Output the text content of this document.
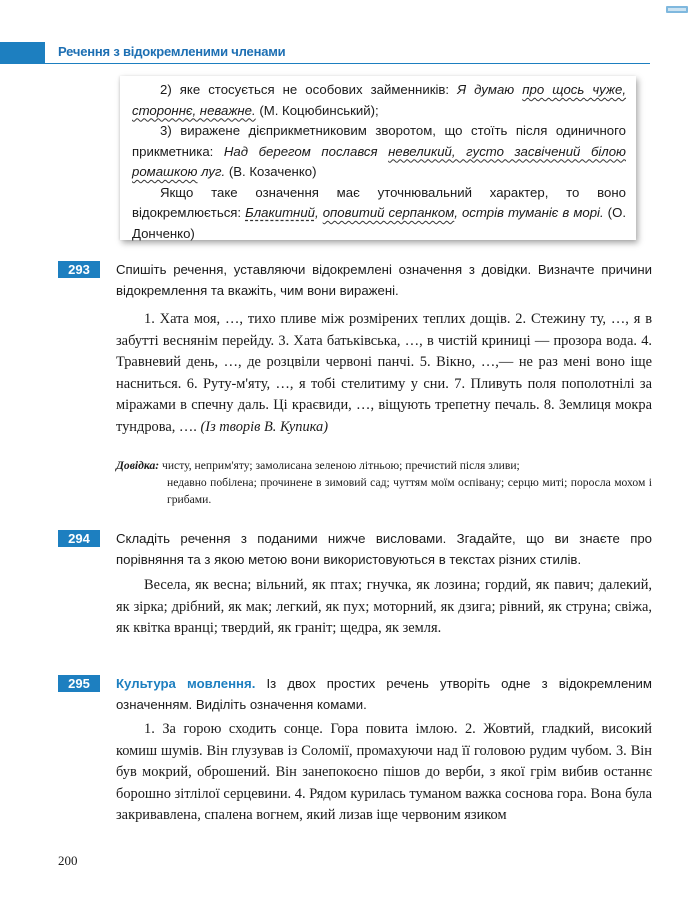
Речення з відокремленими членами

2) яке стосується не особових займенників: Я думаю про щось чуже, стороннє, неважне. (М. Коцюбинський);

3) виражене дієприкметниковим зворотом, що стоїть після одиничного прикметника: Над берегом послався невеликий, густо засвічений білою ромашкою луг. (В. Козаченко)

Якщо таке означення має уточнювальний характер, то воно відокремлюється: Блакитний, оповитий серпанком, острів туманіє в морі. (О. Донченко)

293	Спишіть речення, уставляючи відокремлені означення з довідки. Визначте причини відокремлення та вкажіть, чим вони виражені.

1. Хата моя, …, тихо пливе між розмірених теплих дощів. 2. Стежину ту, …, я в забутті веснянім перейду. 3. Хата батьківська, …, в чистій криниці — прозора вода. 4. Травневий день, …, де розцвіли червоні панчі. 5. Вікно, …,— не раз мені воно іще насниться. 6. Руту-м'яту, …, я тобі стелитиму у сни. 7. Пливуть поля пополотнілі за міражами в спечну даль. Ці краєвиди, …, віщують трепетну печаль. 8. Землиця мокра тундрова, …. (Із творів В. Купика)

Довідка: чисту, неприм'яту; замолисана зеленою літньою; пречистий після зливи;

недавно побілена; прочинене в зимовий сад; чуттям моїм оспівану; серцю миті; поросла мохом і грибами.

294	Складіть речення з поданими нижче висловами. Згадайте, що ви знаєте про порівняння та з якою метою вони використовуються в текстах різних стилів.

Весела, як весна; вільний, як птах; гнучка, як лозина; гордий, як павич; далекий, як зірка; дрібний, як мак; легкий, як пух; моторний, як дзига; рівний, як струна; свіжа, як квітка вранці; твердий, як граніт; щедра, як земля.

295	Культура мовлення. Із двох простих речень утворіть одне з відокремленим означенням. Виділіть означення комами.

1. За горою сходить сонце. Гора повита імлою. 2. Жовтий, гладкий, високий комиш шумів. Він глузував із Соломії, промахуючи над її головою рудим чубом. 3. Він був мокрий, оброшений. Він занепокоєно пішов до верби, з якої грім вибив останнє борошно зітлілої серцевини. 4. Рядом курилась туманом важка соснова гора. Вона була закривавлена, спалена вогнем, який лизав іще червоним язиком

200
